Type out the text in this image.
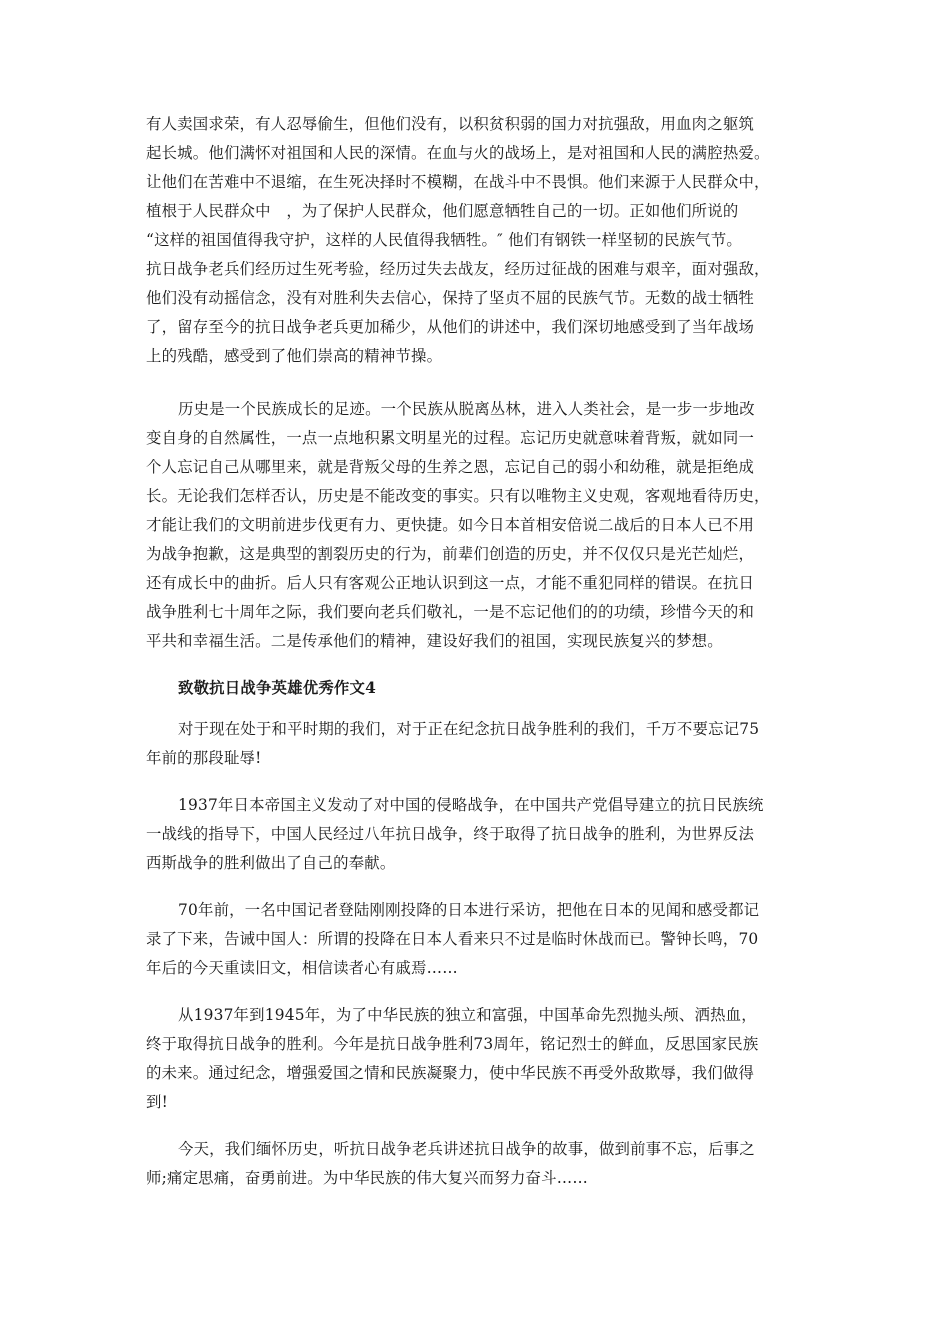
有人卖国求荣，有人忍辱偷生，但他们没有，以积贫积弱的国力对抗强敌，用血肉之躯筑
起长城。他们满怀对祖国和人民的深情。在血与火的战场上，是对祖国和人民的满腔热爱。
让他们在苦难中不退缩，在生死决择时不模糊，在战斗中不畏惧。他们来源于人民群众中，
植根于人民群众中　，为了保护人民群众，他们愿意牺牲自己的一切。正如他们所说的
“这样的祖国值得我守护，这样的人民值得我牺牲。″ 他们有钢铁一样坚韧的民族气节。
抗日战争老兵们经历过生死考验，经历过失去战友，经历过征战的困难与艰辛，面对强敌，
他们没有动摇信念，没有对胜利失去信心，保持了坚贞不屈的民族气节。无数的战士牺牲
了，留存至今的抗日战争老兵更加稀少，从他们的讲述中，我们深切地感受到了当年战场
上的残酷，感受到了他们崇高的精神节操。
历史是一个民族成长的足迹。一个民族从脱离丛林，进入人类社会，是一步一步地改
变自身的自然属性，一点一点地积累文明星光的过程。忘记历史就意味着背叛，就如同一
个人忘记自己从哪里来，就是背叛父母的生养之恩，忘记自己的弱小和幼稚，就是拒绝成
长。无论我们怎样否认，历史是不能改变的事实。只有以唯物主义史观，客观地看待历史，
才能让我们的文明前进步伐更有力、更快捷。如今日本首相安倍说二战后的日本人已不用
为战争抱歉，这是典型的割裂历史的行为，前辈们创造的历史，并不仅仅只是光芒灿烂，
还有成长中的曲折。后人只有客观公正地认识到这一点，才能不重犯同样的错误。在抗日
战争胜利七十周年之际，我们要向老兵们敬礼，一是不忘记他们的的功绩，珍惜今天的和
平共和幸福生活。二是传承他们的精神，建设好我们的祖国，实现民族复兴的梦想。
致敬抗日战争英雄优秀作文4
对于现在处于和平时期的我们，对于正在纪念抗日战争胜利的我们，千万不要忘记75
年前的那段耻辱!
1937年日本帝国主义发动了对中国的侵略战争，在中国共产党倡导建立的抗日民族统
一战线的指导下，中国人民经过八年抗日战争，终于取得了抗日战争的胜利，为世界反法
西斯战争的胜利做出了自己的奉献。
70年前，一名中国记者登陆刚刚投降的日本进行采访，把他在日本的见闻和感受都记
录了下来，告诫中国人：所谓的投降在日本人看来只不过是临时休战而已。警钟长鸣，70
年后的今天重读旧文，相信读者心有戚焉……
从1937年到1945年，为了中华民族的独立和富强，中国革命先烈抛头颅、洒热血，
终于取得抗日战争的胜利。今年是抗日战争胜利73周年，铭记烈士的鲜血，反思国家民族
的未来。通过纪念，增强爱国之情和民族凝聚力，使中华民族不再受外敌欺辱，我们做得
到!
今天，我们缅怀历史，听抗日战争老兵讲述抗日战争的故事，做到前事不忘，后事之
师;痛定思痛，奋勇前进。为中华民族的伟大复兴而努力奋斗……
